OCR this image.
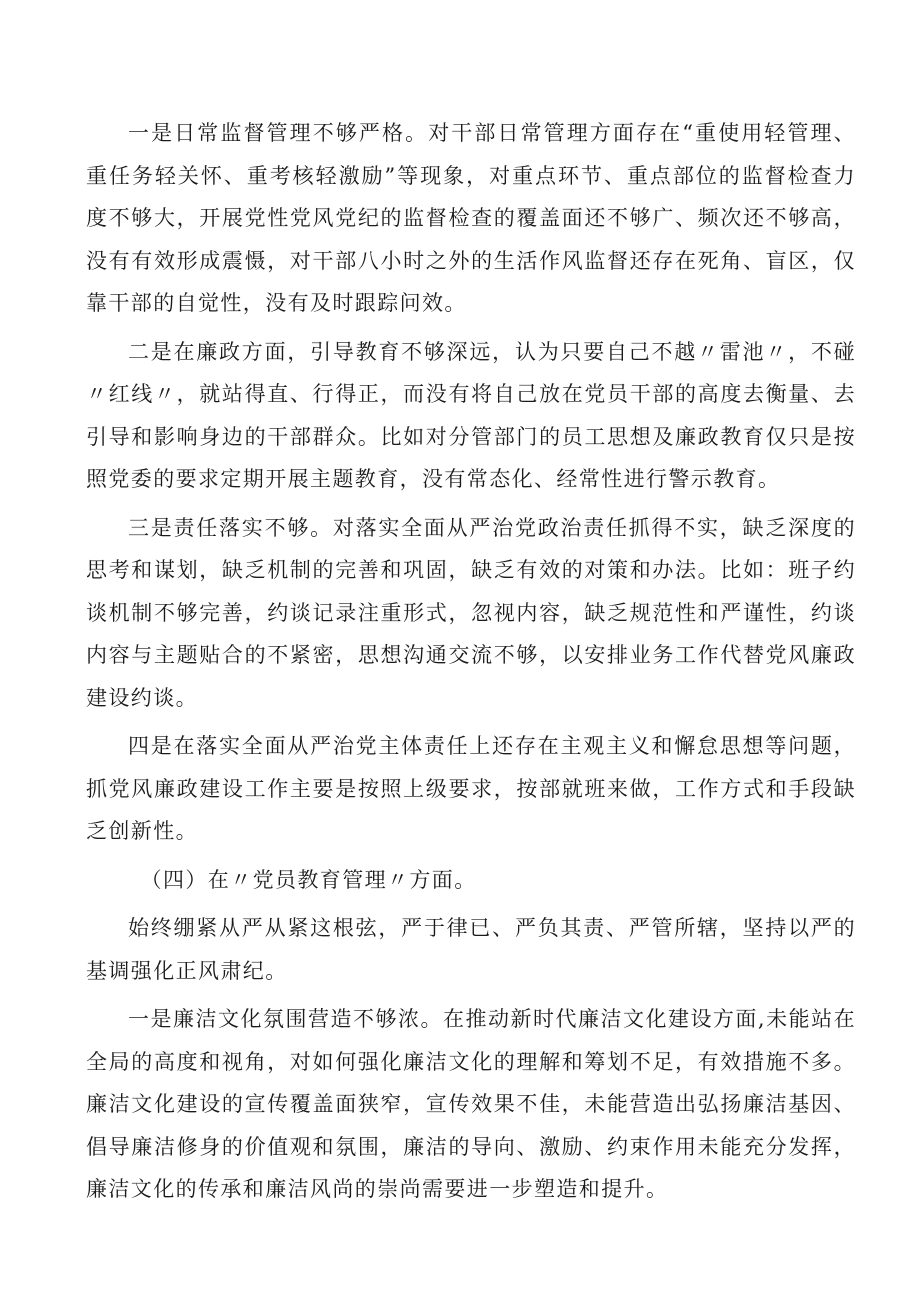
一是日常监督管理不够严格。对干部日常管理方面存在“重使用轻管理、重任务轻关怀、重考核轻激励”等现象，对重点环节、重点部位的监督检查力度不够大，开展党性党风党纪的监督检查的覆盖面还不够广、频次还不够高，没有有效形成震慑，对干部八小时之外的生活作风监督还存在死角、盲区，仅靠干部的自觉性，没有及时跟踪问效。

二是在廉政方面，引导教育不够深远，认为只要自己不越〃雷池〃，不碰〃红线〃，就站得直、行得正，而没有将自己放在党员干部的高度去衡量、去引导和影响身边的干部群众。比如对分管部门的员工思想及廉政教育仅只是按照党委的要求定期开展主题教育，没有常态化、经常性进行警示教育。

三是责任落实不够。对落实全面从严治党政治责任抓得不实，缺乏深度的思考和谋划，缺乏机制的完善和巩固，缺乏有效的对策和办法。比如：班子约谈机制不够完善，约谈记录注重形式，忽视内容，缺乏规范性和严谨性，约谈内容与主题贴合的不紧密，思想沟通交流不够，以安排业务工作代替党风廉政建设约谈。

四是在落实全面从严治党主体责任上还存在主观主义和懈怠思想等问题，抓党风廉政建设工作主要是按照上级要求，按部就班来做，工作方式和手段缺乏创新性。

（四）在〃党员教育管理〃方面。

始终绷紧从严从紧这根弦，严于律已、严负其责、严管所辖，坚持以严的基调强化正风肃纪。

一是廉洁文化氛围营造不够浓。在推动新时代廉洁文化建设方面,未能站在全局的高度和视角，对如何强化廉洁文化的理解和筹划不足，有效措施不多。廉洁文化建设的宣传覆盖面狭窄，宣传效果不佳，未能营造出弘扬廉洁基因、倡导廉洁修身的价值观和氛围，廉洁的导向、激励、约束作用未能充分发挥，廉洁文化的传承和廉洁风尚的崇尚需要进一步塑造和提升。
